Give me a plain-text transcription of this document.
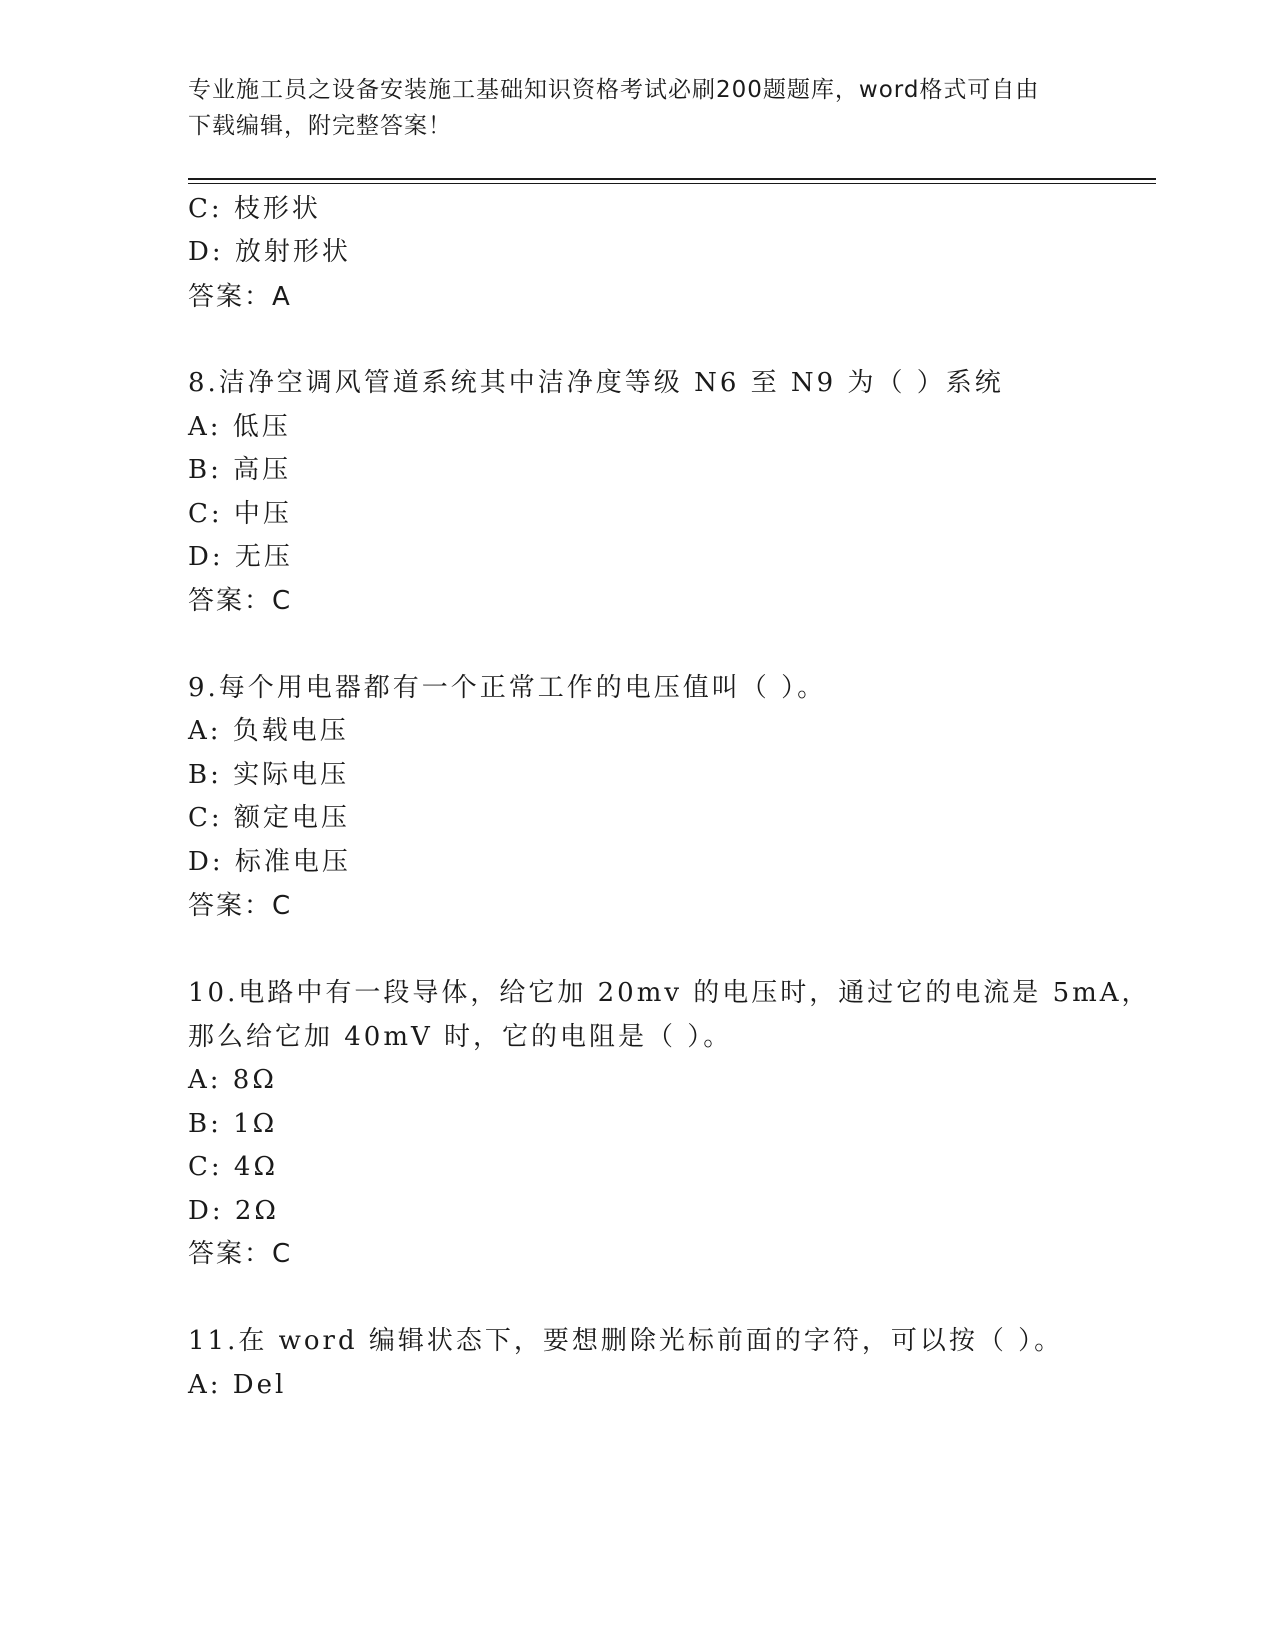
专业施工员之设备安装施工基础知识资格考试必刷200题题库，word格式可自由
下载编辑，附完整答案！
C: 枝形状
D: 放射形状
答案：A
8.洁净空调风管道系统其中洁净度等级 N6 至 N9 为（ ）系统
A: 低压
B: 高压
C: 中压
D: 无压
答案：C
9.每个用电器都有一个正常工作的电压值叫（ ）。
A: 负载电压
B: 实际电压
C: 额定电压
D: 标准电压
答案：C
10.电路中有一段导体，给它加 20mv 的电压时，通过它的电流是 5mA，
那么给它加 40mV 时，它的电阻是（ ）。
A: 8Ω
B: 1Ω
C: 4Ω
D: 2Ω
答案：C
11.在 word 编辑状态下，要想删除光标前面的字符，可以按（ ）。
A: Del
